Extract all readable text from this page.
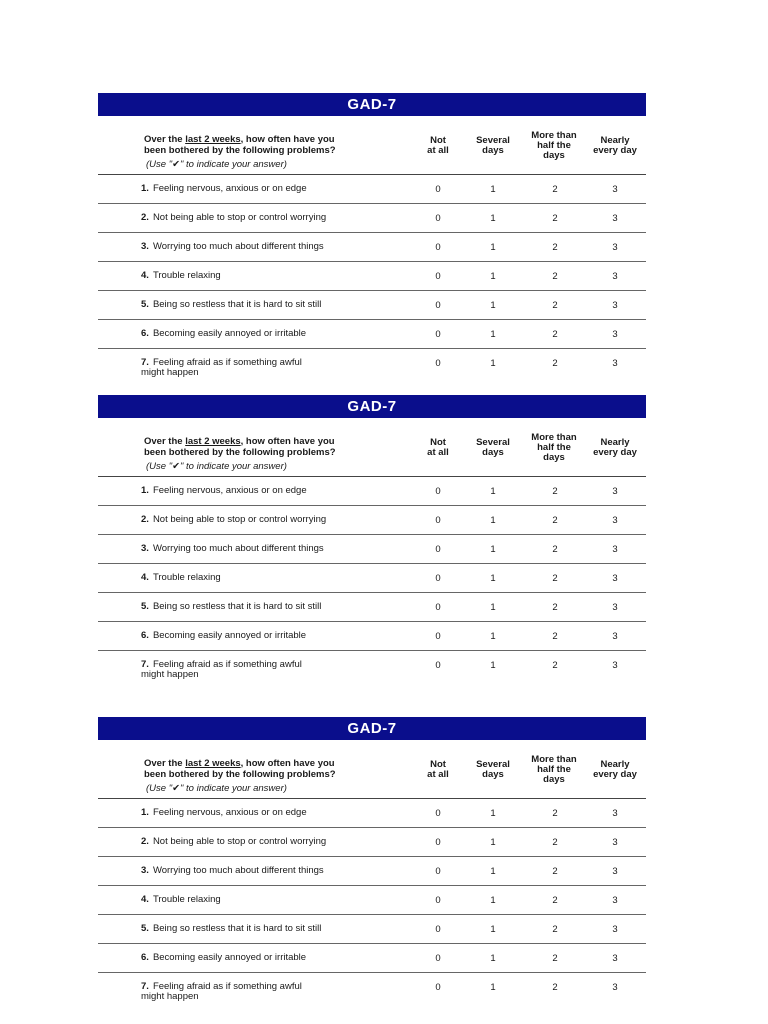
GAD-7
Over the last 2 weeks, how often have you
been bothered by the following problems?
(Use "✔" to indicate your answer)
Not
at all
Several
days
More than
half the
days
Nearly
every day
1. Feeling nervous, anxious or on edge	0	1	2	3
2. Not being able to stop or control worrying	0	1	2	3
3. Worrying too much about different things	0	1	2	3
4. Trouble relaxing	0	1	2	3
5. Being so restless that it is hard to sit still	0	1	2	3
6. Becoming easily annoyed or irritable	0	1	2	3
7. Feeling afraid as if something awful
might happen
0	1	2	3
GAD-7
Over the last 2 weeks, how often have you
been bothered by the following problems?
(Use "✔" to indicate your answer)
Not
at all
Several
days
More than
half the
days
Nearly
every day
1. Feeling nervous, anxious or on edge	0	1	2	3
2. Not being able to stop or control worrying	0	1	2	3
3. Worrying too much about different things	0	1	2	3
4. Trouble relaxing	0	1	2	3
5. Being so restless that it is hard to sit still	0	1	2	3
6. Becoming easily annoyed or irritable	0	1	2	3
7. Feeling afraid as if something awful
might happen
0	1	2	3
GAD-7
Over the last 2 weeks, how often have you
been bothered by the following problems?
(Use "✔" to indicate your answer)
Not
at all
Several
days
More than
half the
days
Nearly
every day
1. Feeling nervous, anxious or on edge	0	1	2	3
2. Not being able to stop or control worrying	0	1	2	3
3. Worrying too much about different things	0	1	2	3
4. Trouble relaxing	0	1	2	3
5. Being so restless that it is hard to sit still	0	1	2	3
6. Becoming easily annoyed or irritable	0	1	2	3
7. Feeling afraid as if something awful
might happen
0	1	2	3
